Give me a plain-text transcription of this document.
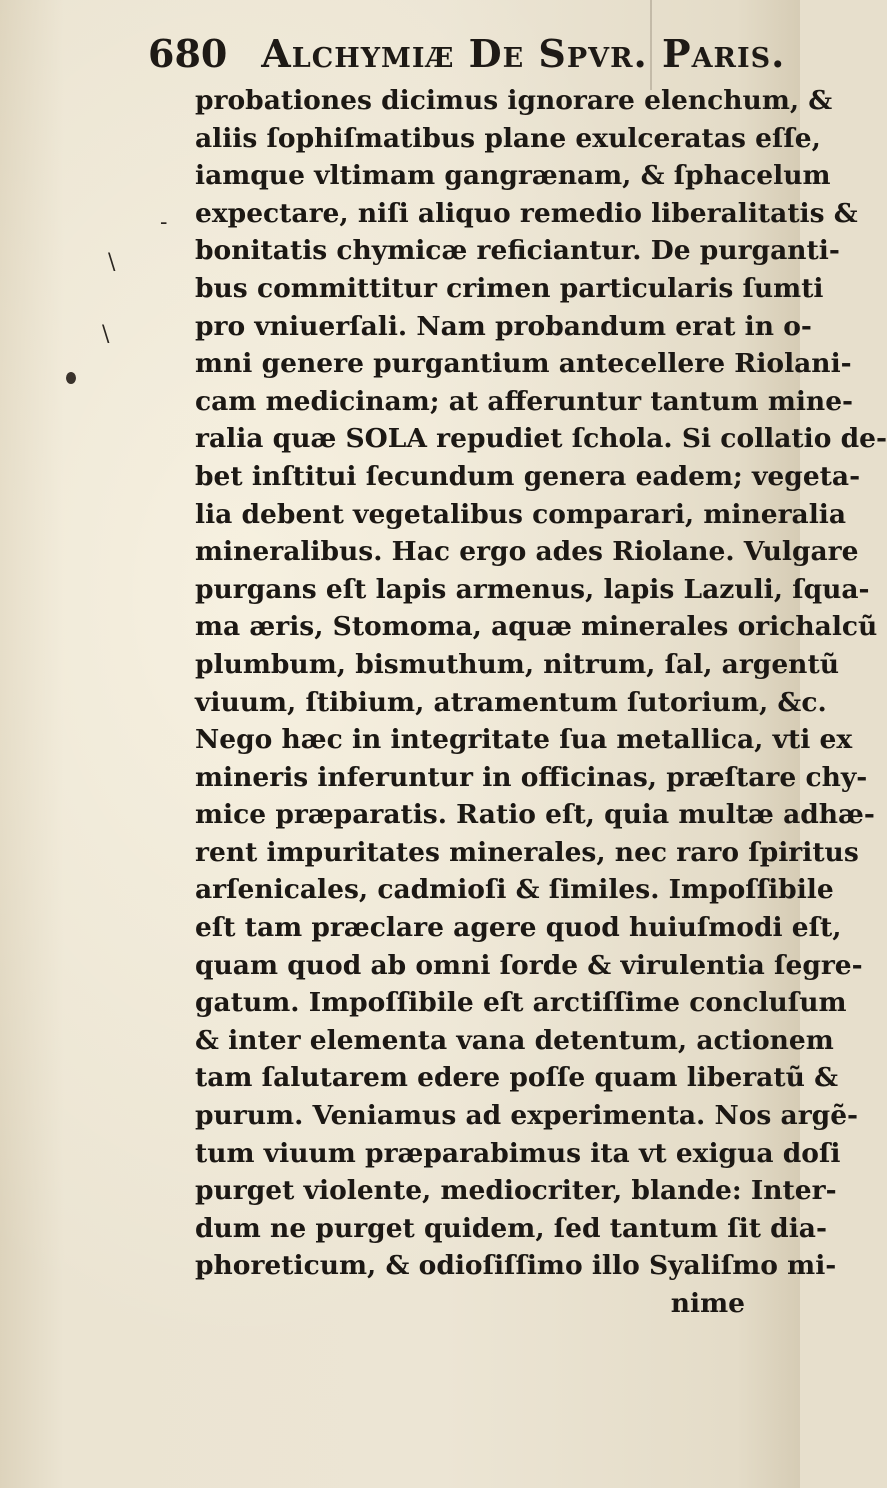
680 Alchymiæ De Spvr. Paris.
-
\
\
probationes dicimus ignorare elenchum, &
aliis ſophiſmatibus plane exulceratas eſſe,
iamque vltimam gangrænam, & ſphacelum
expectare, niſi aliquo remedio liberalitatis &
bonitatis chymicæ reficiantur. De purganti-
bus committitur crimen particularis ſumti
pro vniuerſali. Nam probandum erat in o-
mni genere purgantium antecellere Riolani-
cam medicinam; at afferuntur tantum mine-
ralia quæ SOLA repudiet ſchola. Si collatio de-
bet inſtitui ſecundum genera eadem; vegeta-
lia debent vegetalibus comparari, mineralia
mineralibus. Hac ergo ades Riolane. Vulgare
purgans eſt lapis armenus, lapis Lazuli, ſqua-
ma æris, Stomoma, aquæ minerales orichalcũ
plumbum, bismuthum, nitrum, ſal, argentũ
viuum, ſtibium, atramentum ſutorium, &c.
Nego hæc in integritate ſua metallica, vti ex
mineris inferuntur in officinas, præſtare chy-
mice præparatis. Ratio eſt, quia multæ adhæ-
rent impuritates minerales, nec raro ſpiritus
arſenicales, cadmioſi & ſimiles. Impoſſibile
eſt tam præclare agere quod huiuſmodi eſt,
quam quod ab omni ſorde & virulentia ſegre-
gatum. Impoſſibile eſt arctiſſime concluſum
& inter elementa vana detentum, actionem
tam ſalutarem edere poſſe quam liberatũ &
purum. Veniamus ad experimenta. Nos argẽ-
tum viuum præparabimus ita vt exigua doſi
purget violente, mediocriter, blande: Inter-
dum ne purget quidem, ſed tantum ſit dia-
phoreticum, & odioſiſſimo illo Syaliſmo mi-
nime
